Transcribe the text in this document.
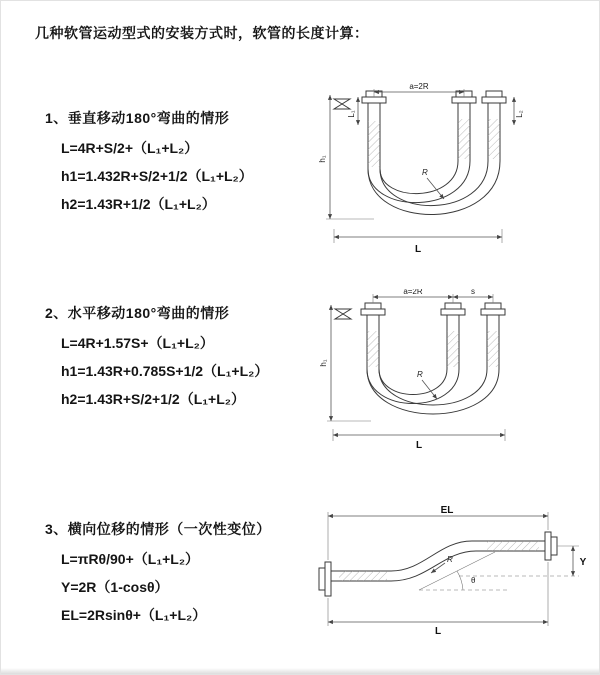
几种软管运动型式的安装方式时，软管的长度计算：
1、垂直移动180°弯曲的情形
L=4R+S/2+（L₁+L₂）
h1=1.432R+S/2+1/2（L₁+L₂）
h2=1.43R+1/2（L₁+L₂）
a=2R
L₁	L₂
h₁
R
L
2、水平移动180°弯曲的情形
L=4R+1.57S+（L₁+L₂）
h1=1.43R+0.785S+1/2（L₁+L₂）
h2=1.43R+S/2+1/2（L₁+L₂）
a=2R	s
h₁
R
L
3、横向位移的情形（一次性变位）
L=πRθ/90+（L₁+L₂）
Y=2R（1-cosθ）
EL=2Rsinθ+（L₁+L₂）
EL
θ
R	Y
L
